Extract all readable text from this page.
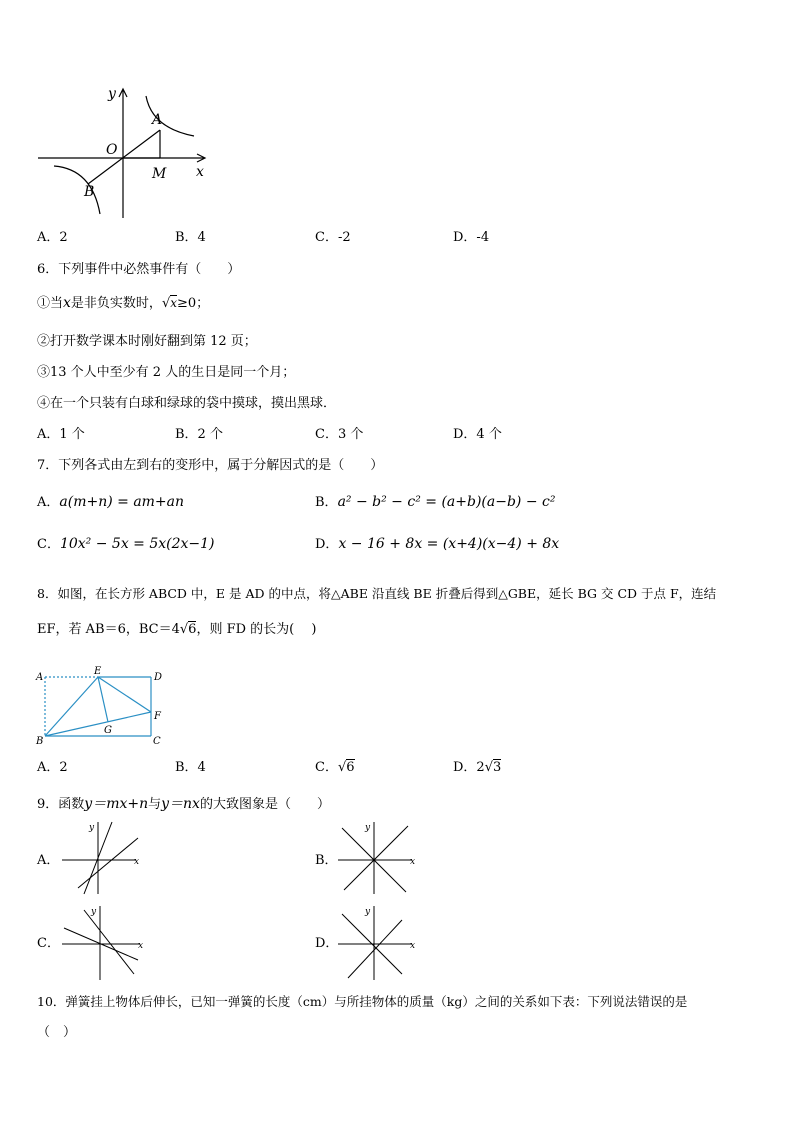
y
x
O
A
B
M
A．2	B．4	C．-2	D．-4
6．下列事件中必然事件有（　　）
①当x是非负实数时，√x≥0；
②打开数学课本时刚好翻到第 12 页；
③13 个人中至少有 2 人的生日是同一个月；
④在一个只装有白球和绿球的袋中摸球，摸出黑球．
A．1 个	B．2 个	C．3 个	D．4 个
7．下列各式由左到右的变形中，属于分解因式的是（　　）
A．a(m+n) = am+an	B．a² − b² − c² = (a+b)(a−b) − c²
C．10x² − 5x = 5x(2x−1)	D．x − 16 + 8x = (x+4)(x−4) + 8x
8．如图，在长方形 ABCD 中，E 是 AD 的中点，将△ABE 沿直线 BE 折叠后得到△GBE，延长 BG 交 CD 于点 F，连结
EF，若 AB＝6，BC＝4√6，则 FD 的长为(　 )
A
E
D
F
B
G
C
A．2	B．4	C．√6	D．2√3
9．函数y＝mx+n与y＝nx的大致图象是（　　）
A．	x
y
B．	x
y
C．	x
y
D．	x
y
10．弹簧挂上物体后伸长，已知一弹簧的长度（cm）与所挂物体的质量（kg）之间的关系如下表：下列说法错误的是
（　）
